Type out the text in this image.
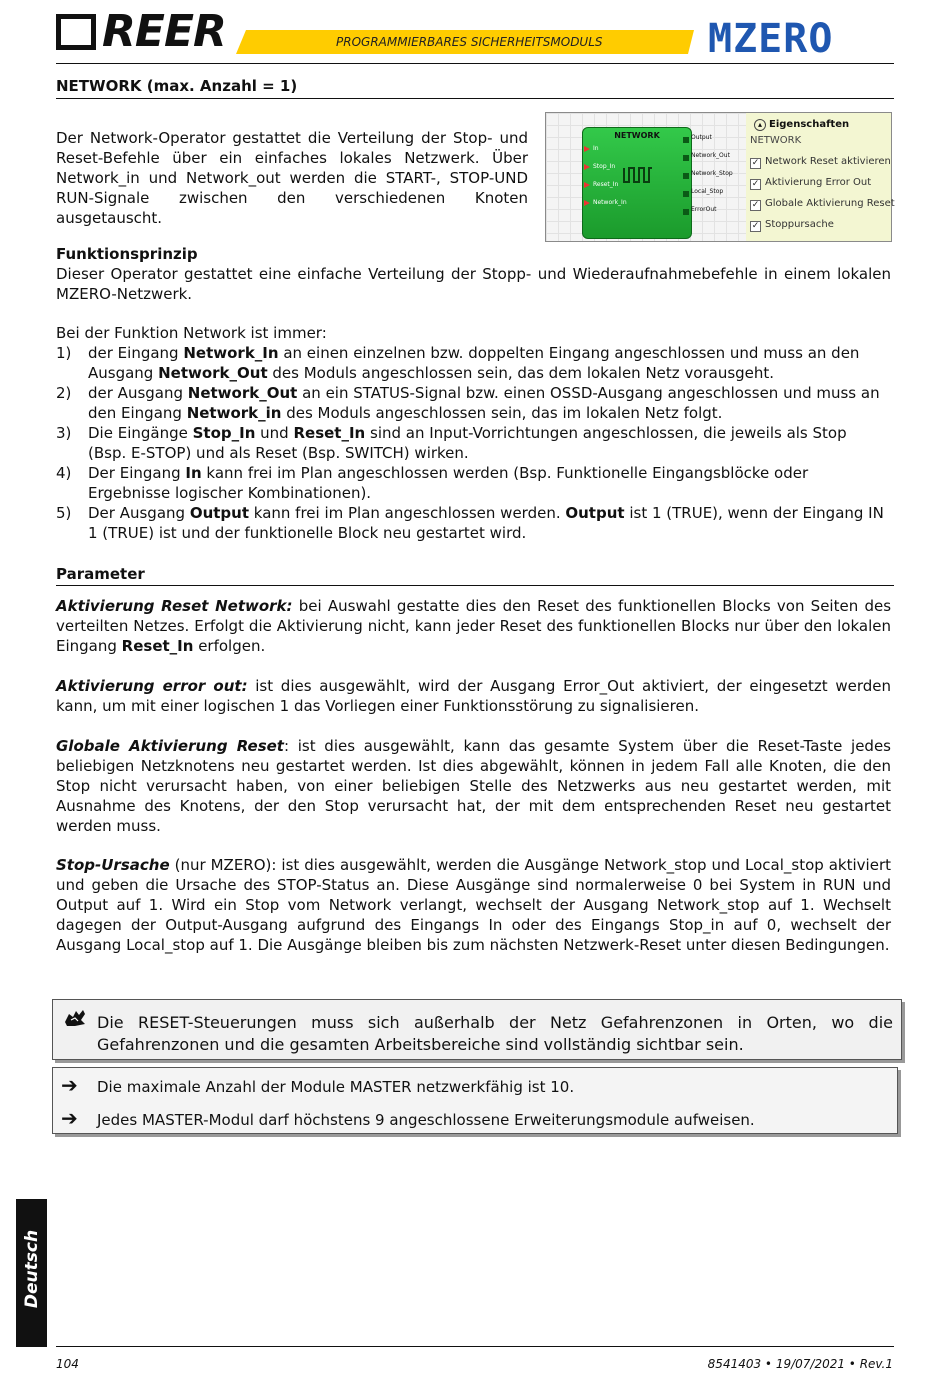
REER	PROGRAMMIERBARES SICHERHEITSMODULS	MZERO
NETWORK (max. Anzahl = 1)
Der Network-Operator gestattet die Verteilung der Stop- und Reset-Befehle über ein einfaches lokales Netzwerk. Über Network_in und Network_out werden die START-, STOP-UND RUN-Signale zwischen den verschiedenen Knoten ausgetauscht.
NETWORK
In
Stop_In
Reset_In
Network_In
Output
Network_Out
Network_Stop
Local_Stop
ErrorOut
▴ Eigenschaften
NETWORK
✓ Network Reset aktivieren
✓ Aktivierung Error Out
✓ Globale Aktivierung Reset
✓ Stoppursache
Funktionsprinzip
Dieser Operator gestattet eine einfache Verteilung der Stopp- und Wiederaufnahmebefehle in einem lokalen MZERO-Netzwerk.
Bei der Funktion Network ist immer:
1) der Eingang Network_In an einen einzelnen bzw. doppelten Eingang angeschlossen und muss an den Ausgang Network_Out des Moduls angeschlossen sein, das dem lokalen Netz vorausgeht.
2) der Ausgang Network_Out an ein STATUS-Signal bzw. einen OSSD-Ausgang angeschlossen und muss an den Eingang Network_in des Moduls angeschlossen sein, das im lokalen Netz folgt.
3) Die Eingänge Stop_In und Reset_In sind an Input-Vorrichtungen angeschlossen, die jeweils als Stop (Bsp. E-STOP) und als Reset (Bsp. SWITCH) wirken.
4) Der Eingang In kann frei im Plan angeschlossen werden (Bsp. Funktionelle Eingangsblöcke oder Ergebnisse logischer Kombinationen).
5) Der Ausgang Output kann frei im Plan angeschlossen werden. Output ist 1 (TRUE), wenn der Eingang IN 1 (TRUE) ist und der funktionelle Block neu gestartet wird.
Parameter
Aktivierung Reset Network: bei Auswahl gestatte dies den Reset des funktionellen Blocks von Seiten des verteilten Netzes. Erfolgt die Aktivierung nicht, kann jeder Reset des funktionellen Blocks nur über den lokalen Eingang Reset_In erfolgen.
Aktivierung error out: ist dies ausgewählt, wird der Ausgang Error_Out aktiviert, der eingesetzt werden kann, um mit einer logischen 1 das Vorliegen einer Funktionsstörung zu signalisieren.
Globale Aktivierung Reset: ist dies ausgewählt, kann das gesamte System über die Reset-Taste jedes beliebigen Netzknotens neu gestartet werden. Ist dies abgewählt, können in jedem Fall alle Knoten, die den Stop nicht verursacht haben, von einer beliebigen Stelle des Netzwerks aus neu gestartet werden, mit Ausnahme des Knotens, der den Stop verursacht hat, der mit dem entsprechenden Reset neu gestartet werden muss.
Stop-Ursache (nur MZERO): ist dies ausgewählt, werden die Ausgänge Network_stop und Local_stop aktiviert und geben die Ursache des STOP-Status an. Diese Ausgänge sind normalerweise 0 bei System in RUN und Output auf 1. Wird ein Stop vom Network verlangt, wechselt der Ausgang Network_stop auf 1. Wechselt dagegen der Output-Ausgang aufgrund des Eingangs In oder des Eingangs Stop_in auf 0, wechselt der Ausgang Local_stop auf 1. Die Ausgänge bleiben bis zum nächsten Netzwerk-Reset unter diesen Bedingungen.
Die RESET-Steuerungen muss sich außerhalb der Netz Gefahrenzonen in Orten, wo die Gefahrenzonen und die gesamten Arbeitsbereiche sind vollständig sichtbar sein.
➔ Die maximale Anzahl der Module MASTER netzwerkfähig ist 10.
➔ Jedes MASTER-Modul darf höchstens 9 angeschlossene Erweiterungsmodule aufweisen.
Deutsch
104	8541403 • 19/07/2021 • Rev.1
